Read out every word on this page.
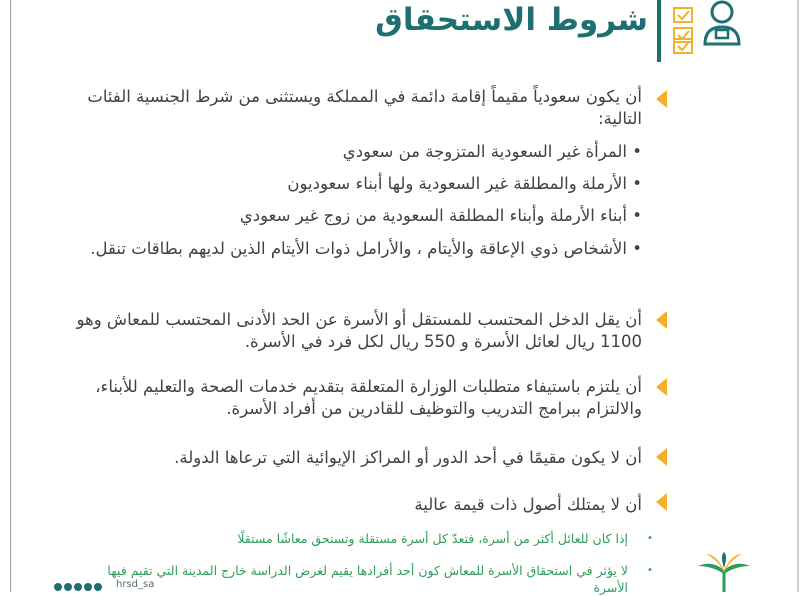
شروط الاستحقاق
أن يكون سعودياً مقيماً إقامة دائمة في المملكة ويستثنى من شرط الجنسية الفئات التالية:
• المرأة غير السعودية المتزوجة من سعودي
• الأرملة والمطلقة غير السعودية ولها أبناء سعوديون
• أبناء الأرملة وأبناء المطلقة السعودية من زوج غير سعودي
• الأشخاص ذوي الإعاقة والأيتام ، والأرامل ذوات الأيتام الذين لديهم بطاقات تنقل.
أن يقل الدخل المحتسب للمستقل أو الأسرة عن الحد الأدنى المحتسب للمعاش وهو 1100 ريال لعائل الأسرة و 550 ريال لكل فرد في الأسرة.
أن يلتزم باستيفاء متطلبات الوزارة المتعلقة بتقديم خدمات الصحة والتعليم للأبناء، والالتزام ببرامج التدريب والتوظيف للقادرين من أفراد الأسرة.
أن لا يكون مقيمًا في أحد الدور أو المراكز الإيوائية التي ترعاها الدولة.
أن لا يمتلك أصول ذات قيمة عالية
•
إذا كان للعائل أكثر من أسرة، فتعدّ كل أسرة مستقلة وتستحق معاشًا مستقلًا
•
لا يؤثر في استحقاق الأسرة للمعاش كون أحد أفرادها يقيم لغرض الدراسة خارج المدينة التي تقيم فيها الأسرة
hrsd_sa
